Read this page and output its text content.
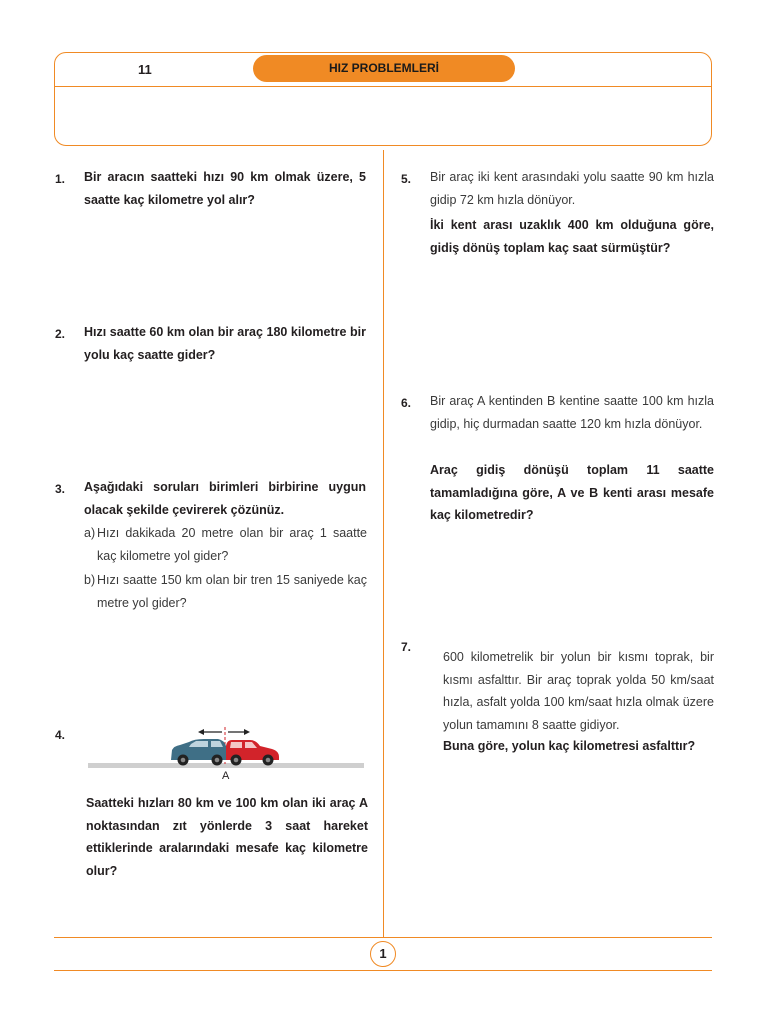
11	HIZ PROBLEMLERİ
1. Bir aracın saatteki hızı 90 km olmak üzere, 5 saatte kaç kilometre yol alır?
2. Hızı saatte 60 km olan bir araç 180 kilometre bir yolu kaç saatte gider?
3. Aşağıdaki soruları birimleri birbirine uygun olacak şekilde çevirerek çözünüz.
a) Hızı dakikada 20 metre olan bir araç 1 saatte kaç kilometre yol gider?
b) Hızı saatte 150 km olan bir tren 15 saniyede kaç metre yol gider?
4.
A
Saatteki hızları 80 km ve 100 km olan iki araç A noktasından zıt yönlerde 3 saat hareket ettiklerinde aralarındaki mesafe kaç kilometre olur?
5. Bir araç iki kent arasındaki yolu saatte 90 km hızla gidip 72 km hızla dönüyor.
İki kent arası uzaklık 400 km olduğuna göre, gidiş dönüş toplam kaç saat sürmüştür?
6. Bir araç A kentinden B kentine saatte 100 km hızla gidip, hiç durmadan saatte 120 km hızla dönüyor.
Araç gidiş dönüşü toplam 11 saatte tamamladığına göre, A ve B kenti arası mesafe kaç kilometredir?
7.
600 kilometrelik bir yolun bir kısmı toprak, bir kısmı asfalttır. Bir araç toprak yolda 50 km/saat hızla, asfalt yolda 100 km/saat hızla olmak üzere yolun tamamını 8 saatte gidiyor.
Buna göre, yolun kaç kilometresi asfalttır?
1
